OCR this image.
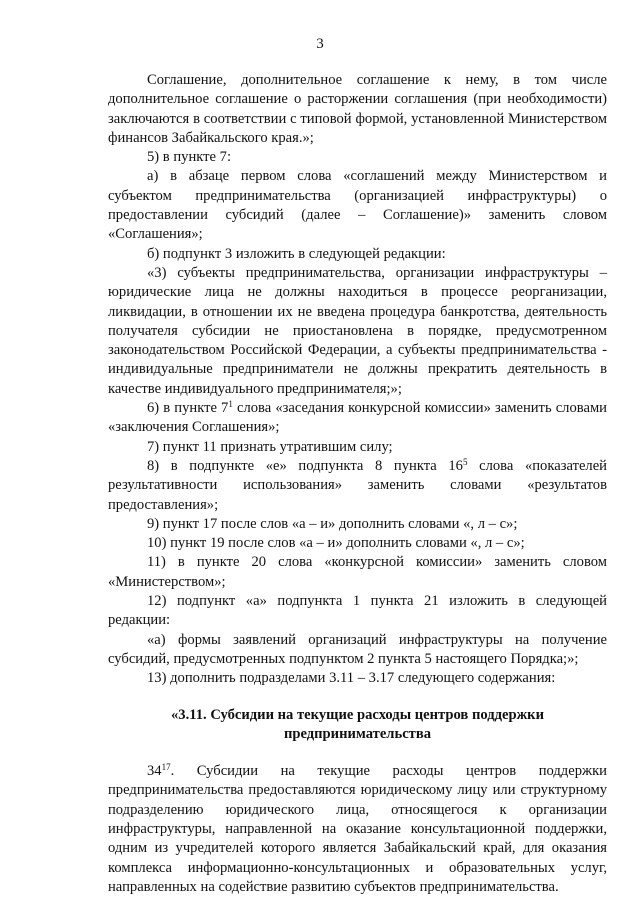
3

Соглашение, дополнительное соглашение к нему, в том числе дополнительное соглашение о расторжении соглашения (при необходимости) заключаются в соответствии с типовой формой, установленной Министерством финансов Забайкальского края.»;

5) в пункте 7:

а) в абзаце первом слова «соглашений между Министерством и субъектом предпринимательства (организацией инфраструктуры) о предоставлении субсидий (далее – Соглашение)» заменить словом «Соглашения»;

б) подпункт 3 изложить в следующей редакции:

«3) субъекты предпринимательства, организации инфраструктуры – юридические лица не должны находиться в процессе реорганизации, ликвидации, в отношении их не введена процедура банкротства, деятельность получателя субсидии не приостановлена в порядке, предусмотренном законодательством Российской Федерации, а субъекты предпринимательства - индивидуальные предприниматели не должны прекратить деятельность в качестве индивидуального предпринимателя;»;

6) в пункте $7^1$ слова «заседания конкурсной комиссии» заменить словами «заключения Соглашения»;

7) пункт 11 признать утратившим силу;

8) в подпункте «е» подпункта 8 пункта $16^5$ слова «показателей результативности использования» заменить словами «результатов предоставления»;

9) пункт 17 после слов «а – и» дополнить словами «, л – с»;

10) пункт 19 после слов «а – и» дополнить словами «, л – с»;

11) в пункте 20 слова «конкурсной комиссии» заменить словом «Министерством»;

12) подпункт «а» подпункта 1 пункта 21 изложить в следующей редакции:

«а) формы заявлений организаций инфраструктуры на получение субсидий, предусмотренных подпунктом 2 пункта 5 настоящего Порядка;»;

13) дополнить подразделами 3.11 – 3.17 следующего содержания:

«3.11. Субсидии на текущие расходы центров поддержки предпринимательства

$34^{17}$. Субсидии на текущие расходы центров поддержки предпринимательства предоставляются юридическому лицу или структурному подразделению юридического лица, относящегося к организации инфраструктуры, направленной на оказание консультационной поддержки, одним из учредителей которого является Забайкальский край, для оказания комплекса информационно-консультационных и образовательных услуг, направленных на содействие развитию субъектов предпринимательства.
